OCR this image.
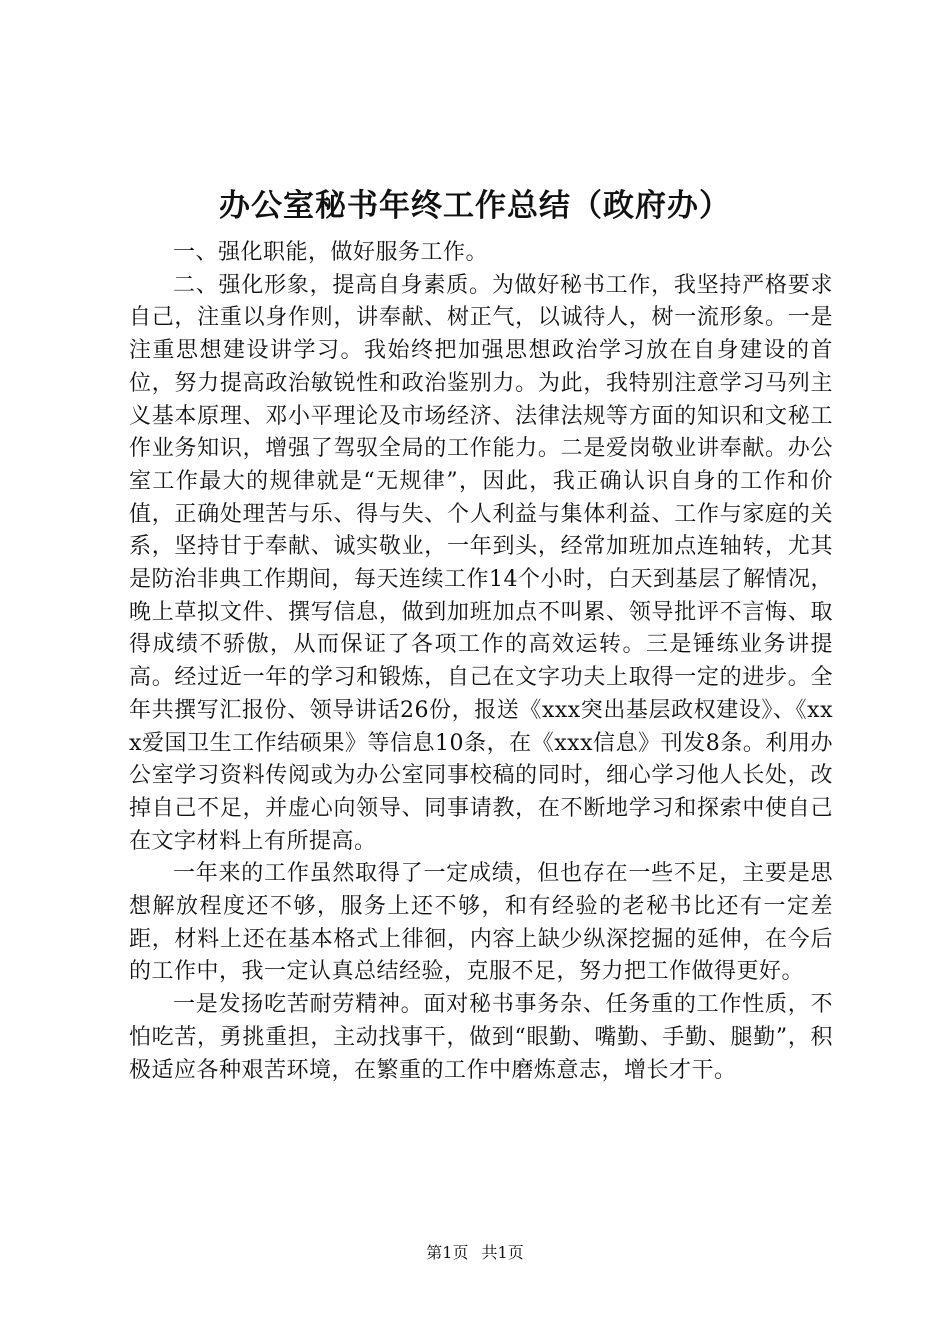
办公室秘书年终工作总结（政府办）

一、强化职能，做好服务工作。

二、强化形象，提高自身素质。为做好秘书工作，我坚持严格要求自己，注重以身作则，讲奉献、树正气，以诚待人，树一流形象。一是注重思想建设讲学习。我始终把加强思想政治学习放在自身建设的首位，努力提高政治敏锐性和政治鉴别力。为此，我特别注意学习马列主义基本原理、邓小平理论及市场经济、法律法规等方面的知识和文秘工作业务知识，增强了驾驭全局的工作能力。二是爱岗敬业讲奉献。办公室工作最大的规律就是“无规律”，因此，我正确认识自身的工作和价值，正确处理苦与乐、得与失、个人利益与集体利益、工作与家庭的关系，坚持甘于奉献、诚实敬业，一年到头，经常加班加点连轴转，尤其是防治非典工作期间，每天连续工作14个小时，白天到基层了解情况，晚上草拟文件、撰写信息，做到加班加点不叫累、领导批评不言悔、取得成绩不骄傲，从而保证了各项工作的高效运转。三是锤练业务讲提高。经过近一年的学习和锻炼，自己在文字功夫上取得一定的进步。全年共撰写汇报份、领导讲话26份，报送《xxx突出基层政权建设》、《xxx爱国卫生工作结硕果》等信息10条，在《xxx信息》刊发8条。利用办公室学习资料传阅或为办公室同事校稿的同时，细心学习他人长处，改掉自己不足，并虚心向领导、同事请教，在不断地学习和探索中使自己在文字材料上有所提高。

一年来的工作虽然取得了一定成绩，但也存在一些不足，主要是思想解放程度还不够，服务上还不够，和有经验的老秘书比还有一定差距，材料上还在基本格式上徘徊，内容上缺少纵深挖掘的延伸，在今后的工作中，我一定认真总结经验，克服不足，努力把工作做得更好。

一是发扬吃苦耐劳精神。面对秘书事务杂、任务重的工作性质，不怕吃苦，勇挑重担，主动找事干，做到“眼勤、嘴勤、手勤、腿勤”，积极适应各种艰苦环境，在繁重的工作中磨炼意志，增长才干。

第1页 共1页
